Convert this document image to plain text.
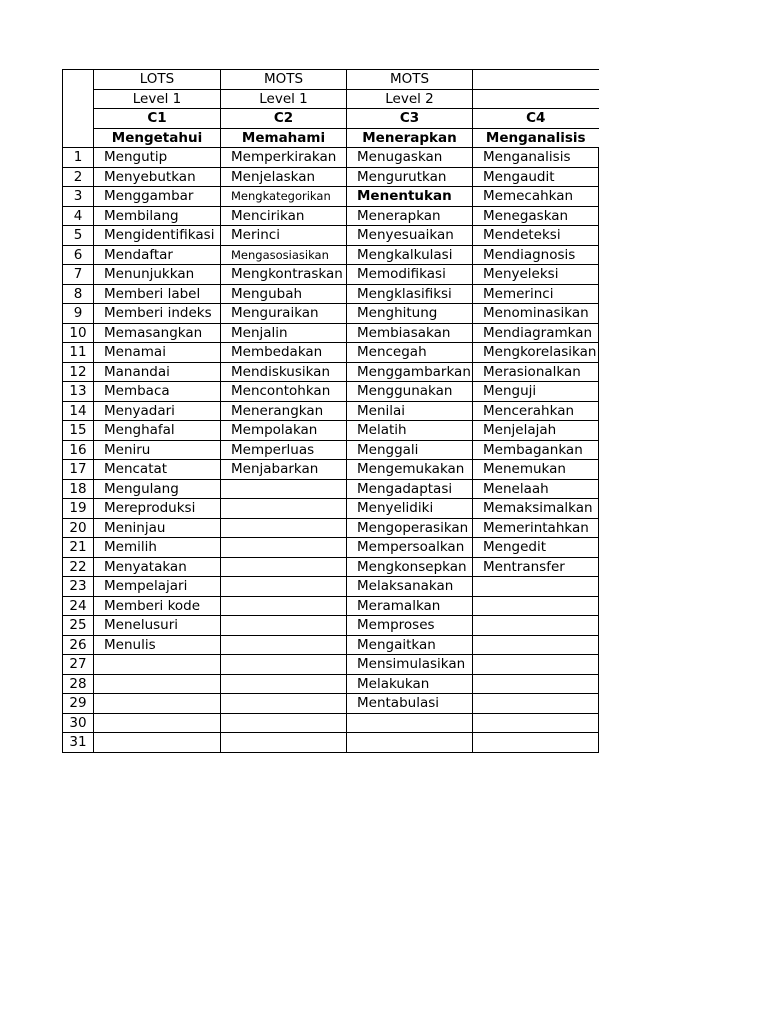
	LOTS	MOTS	MOTS	
	Level 1	Level 1	Level 2	
	C1	C2	C3	C4
	Mengetahui	Memahami	Menerapkan	Menganalisis
1	Mengutip	Memperkirakan	Menugaskan	Menganalisis
2	Menyebutkan	Menjelaskan	Mengurutkan	Mengaudit
3	Menggambar	Mengkategorikan	Menentukan	Memecahkan
4	Membilang	Mencirikan	Menerapkan	Menegaskan
5	Mengidentifikasi	Merinci	Menyesuaikan	Mendeteksi
6	Mendaftar	Mengasosiasikan	Mengkalkulasi	Mendiagnosis
7	Menunjukkan	Mengkontraskan	Memodifikasi	Menyeleksi
8	Memberi label	Mengubah	Mengklasifiksi	Memerinci
9	Memberi indeks	Menguraikan	Menghitung	Menominasikan
10	Memasangkan	Menjalin	Membiasakan	Mendiagramkan
11	Menamai	Membedakan	Mencegah	Mengkorelasikan
12	Manandai	Mendiskusikan	Menggambarkan	Merasionalkan
13	Membaca	Mencontohkan	Menggunakan	Menguji
14	Menyadari	Menerangkan	Menilai	Mencerahkan
15	Menghafal	Mempolakan	Melatih	Menjelajah
16	Meniru	Memperluas	Menggali	Membagankan
17	Mencatat	Menjabarkan	Mengemukakan	Menemukan
18	Mengulang		Mengadaptasi	Menelaah
19	Mereproduksi		Menyelidiki	Memaksimalkan
20	Meninjau		Mengoperasikan	Memerintahkan
21	Memilih		Mempersoalkan	Mengedit
22	Menyatakan		Mengkonsepkan	Mentransfer
23	Mempelajari		Melaksanakan	
24	Memberi kode		Meramalkan	
25	Menelusuri		Memproses	
26	Menulis		Mengaitkan	
27			Mensimulasikan	
28			Melakukan	
29			Mentabulasi	
30				
31				
